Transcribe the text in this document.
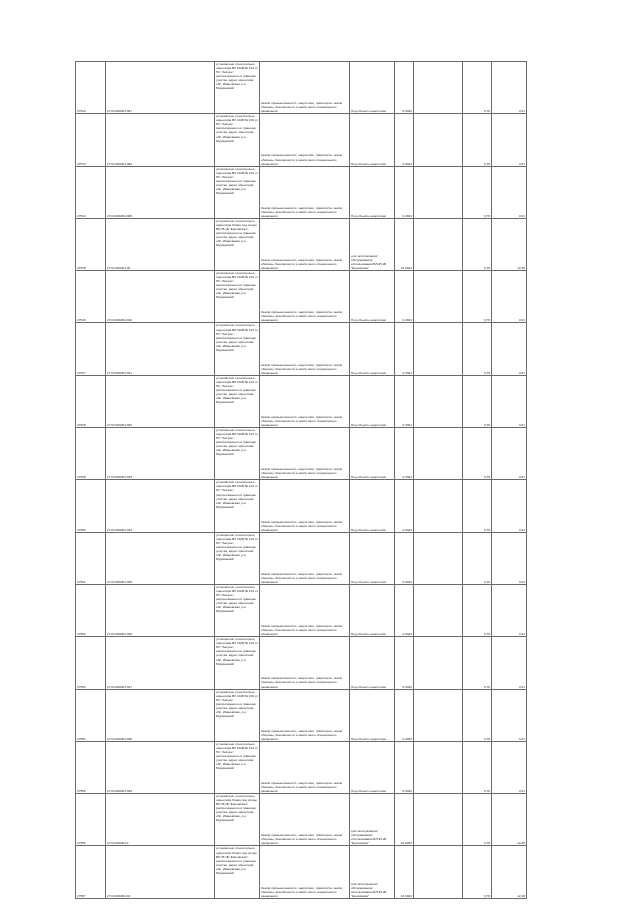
27542	27:04:000001:387	установлено относительно ориентира ВЛ 10кВ № 104 от ПС "Амгунь", расположенного в границах участка, адрес ориентира: обл. Ивановская, р-н Мурманский	Земли промышленности, энергетики, транспорта, земли обороны, безопасности и земли иного специального назначения	Под объекты энергетики	0,0024		0,78	0,01
27543	27:04:000001:389	установлено относительно ориентира ВЛ 10кВ № 104 от ПС "Амгунь", расположенного в границах участка, адрес ориентира: обл. Ивановская, р-н Мурманский	Земли промышленности, энергетики, транспорта, земли обороны, безопасности и земли иного специального назначения	Под объекты энергетики	0,0024		0,78	0,01
27544	27:04:000001:389	установлено относительно ориентира ВЛ 10кВ № 104 от ПС "Амгунь", расположенного в границах участка, адрес ориентира: обл. Ивановская, р-н Мурманский	Земли промышленности, энергетики, транспорта, земли обороны, безопасности и земли иного специального назначения	Под объекты энергетики	0,0024		0,78	0,01
27545	27:04:000001:39	установлено относительно ориентира Линия под опоры ВЛ-35 кВ "Ершовская", расположенного в границах участка, адрес ориентира: обл. Ивановская, р-н Мурманский	Земли промышленности, энергетики, транспорта, земли обороны, безопасности и земли иного специального назначения	для эксплуатации/обслуживания/использования ВЛ-35 кВ "Ершовская"	16,0024		0,78	12,48
27546	27:04:000001:390	установлено относительно ориентира ВЛ 10кВ № 104 от ПС "Амгунь", расположенного в границах участка, адрес ориентира: обл. Ивановская, р-н Мурманский	Земли промышленности, энергетики, транспорта, земли обороны, безопасности и земли иного специального назначения	Под объекты энергетики	0,0024		0,78	0,01
27547	27:04:000001:391	установлено относительно ориентира ВЛ 10кВ № 104 от ПС "Амгунь", расположенного в границах участка, адрес ориентира: обл. Ивановская, р-н Мурманский	Земли промышленности, энергетики, транспорта, земли обороны, безопасности и земли иного специального назначения	Под объекты энергетики	0,0024		0,78	0,01
27548	27:04:000001:392	установлено относительно ориентира ВЛ 10кВ № 104 от ПС "Амгунь", расположенного в границах участка, адрес ориентира: обл. Ивановская, р-н Мурманский	Земли промышленности, энергетики, транспорта, земли обороны, безопасности и земли иного специального назначения	Под объекты энергетики	0,0024		0,78	0,01
27549	27:04:000001:393	установлено относительно ориентира ВЛ 10кВ № 104 от ПС "Амгунь", расположенного в границах участка, адрес ориентира: обл. Ивановская, р-н Мурманский	Земли промышленности, энергетики, транспорта, земли обороны, безопасности и земли иного специального назначения	Под объекты энергетики	0,0024		0,78	0,01
27550	27:04:000001:394	установлено относительно ориентира ВЛ 10кВ № 104 от ПС "Амгунь", расположенного в границах участка, адрес ориентира: обл. Ивановская, р-н Мурманский	Земли промышленности, энергетики, транспорта, земли обороны, безопасности и земли иного специального назначения	Под объекты энергетики	0,0024		0,78	0,01
27551	27:04:000001:395	установлено относительно ориентира ВЛ 10кВ № 104 от ПС "Амгунь", расположенного в границах участка, адрес ориентира: обл. Ивановская, р-н Мурманский	Земли промышленности, энергетики, транспорта, земли обороны, безопасности и земли иного специального назначения	Под объекты энергетики	0,0024		0,78	0,01
27552	27:04:000001:396	установлено относительно ориентира ВЛ 10кВ № 104 от ПС "Амгунь", расположенного в границах участка, адрес ориентира: обл. Ивановская, р-н Мурманский	Земли промышленности, энергетики, транспорта, земли обороны, безопасности и земли иного специального назначения	Под объекты энергетики	0,0024		0,78	0,01
27553	27:04:000001:397	установлено относительно ориентира ВЛ 10кВ № 104 от ПС "Амгунь", расположенного в границах участка, адрес ориентира: обл. Ивановская, р-н Мурманский	Земли промышленности, энергетики, транспорта, земли обороны, безопасности и земли иного специального назначения	Под объекты энергетики	0,0024		0,78	0,01
27554	27:04:000001:398	установлено относительно ориентира ВЛ 10кВ № 104 от ПС "Амгунь", расположенного в границах участка, адрес ориентира: обл. Ивановская, р-н Мурманский	Земли промышленности, энергетики, транспорта, земли обороны, безопасности и земли иного специального назначения	Под объекты энергетики	0,0024		0,78	0,01
27555	27:04:000001:399	установлено относительно ориентира ВЛ 10кВ № 104 от ПС "Амгунь", расположенного в границах участка, адрес ориентира: обл. Ивановская, р-н Мурманский	Земли промышленности, энергетики, транспорта, земли обороны, безопасности и земли иного специального назначения	Под объекты энергетики	0,0024		0,78	0,01
27556	27:04:000001:4	установлено относительно ориентира Линия под опоры ВЛ-35 кВ "Ершовская", расположенного в границах участка, адрес ориентира: обл. Ивановская, р-н Мурманский	Земли промышленности, энергетики, транспорта, земли обороны, безопасности и земли иного специального назначения	для эксплуатации/обслуживания/использования ВЛ-35 кВ "Ершовская"	16,0024		0,78	12,48
27557	27:04:000001:40	установлено относительно ориентира Линия под опоры ВЛ-35 кВ "Ершовская", расположенного в границах участка, адрес ориентира: обл. Ивановская, р-н Мурманский	Земли промышленности, энергетики, транспорта, земли обороны, безопасности и земли иного специального назначения	для эксплуатации/обслуживания/использования ВЛ-35 кВ "Ершовская"	16,0024		0,78	12,48
